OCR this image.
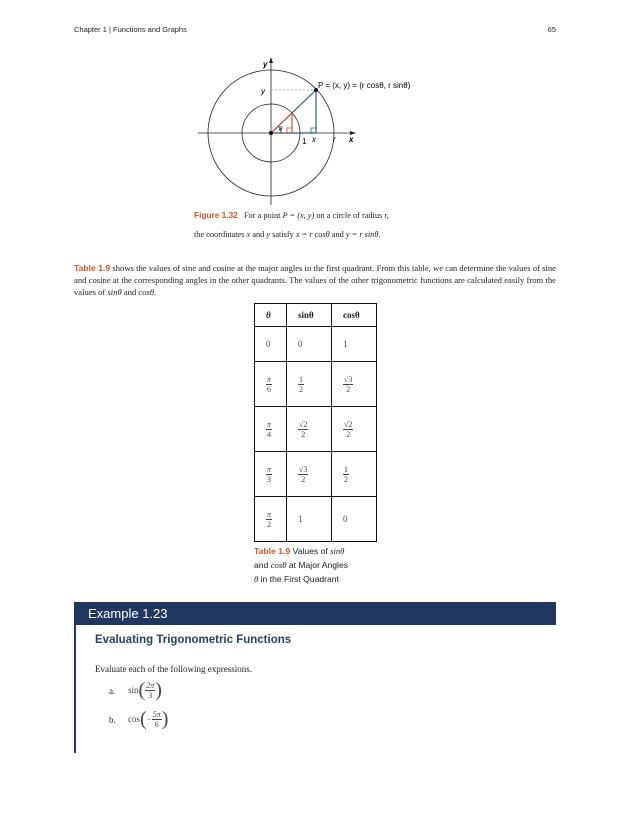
Chapter 1 | Functions and Graphs	65
y
x
P = (x, y) = (r cosθ, r sinθ)
y
x r
1
θ
Figure 1.32 For a point P = (x, y) on a circle of radius r,
the coordinates x and y satisfy x = r cosθ and y = r sinθ.
Table 1.9 shows the values of sine and cosine at the major angles in the first quadrant. From this table, we can determine the values of sine and cosine at the corresponding angles in the other quadrants. The values of the other trigonometric functions are calculated easily from the values of sinθ and cosθ.
θ	sinθ	cosθ
0	0	1

$\frac{\pi}{6}$	$\frac{1}{2}$	$\frac{√3}{2}$

$\frac{\pi}{4}$	$\frac{√2}{2}$	$\frac{√2}{2}$

$\frac{\pi}{3}$	$\frac{√3}{2}$	$\frac{1}{2}$

$\frac{\pi}{2}$	1	0
Table 1.9 Values of sinθ
and cosθ at Major Angles
θ in the First Quadrant
Example 1.23
Evaluating Trigonometric Functions
Evaluate each of the following expressions.
a. sin ( $\frac{2\pi}{3}$ )
b. cos ( − $\frac{5\pi}{6}$ )
